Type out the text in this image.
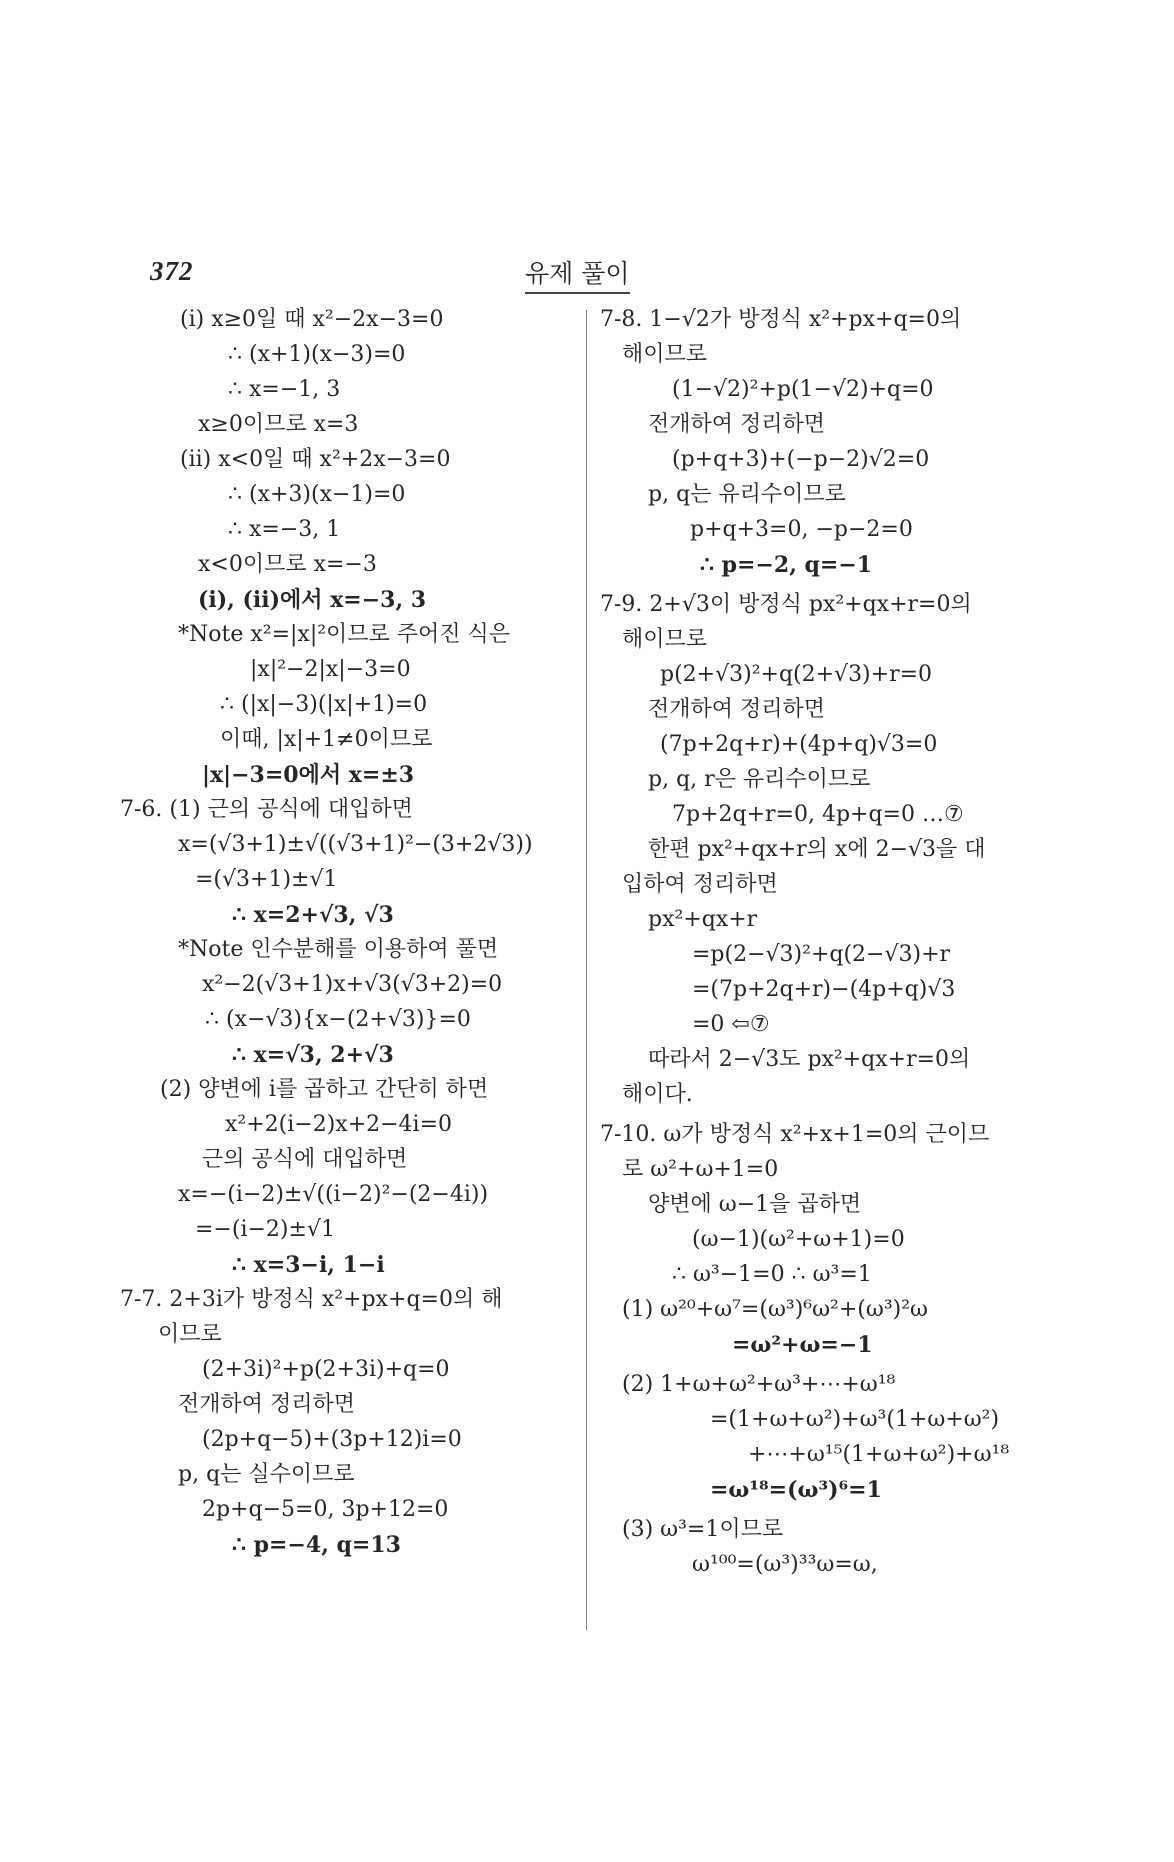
372	유제 풀이
(i) x≥0일 때 x²−2x−3=0
∴ (x+1)(x−3)=0
∴ x=−1, 3
x≥0이므로 x=3
(ii) x<0일 때 x²+2x−3=0
∴ (x+3)(x−1)=0
∴ x=−3, 1
x<0이므로 x=−3
(i), (ii)에서 x=−3, 3
*Note x²=|x|²이므로 주어진 식은
|x|²−2|x|−3=0
∴ (|x|−3)(|x|+1)=0
이때, |x|+1≠0이므로
|x|−3=0에서 x=±3
7-6. (1) 근의 공식에 대입하면
x=(√3+1)±√((√3+1)²−(3+2√3))
=(√3+1)±√1
∴ x=2+√3, √3
*Note 인수분해를 이용하여 풀면
x²−2(√3+1)x+√3(√3+2)=0
∴ (x−√3){x−(2+√3)}=0
∴ x=√3, 2+√3
(2) 양변에 i를 곱하고 간단히 하면
x²+2(i−2)x+2−4i=0
근의 공식에 대입하면
x=−(i−2)±√((i−2)²−(2−4i))
=−(i−2)±√1
∴ x=3−i, 1−i
7-7. 2+3i가 방정식 x²+px+q=0의 해
이므로
(2+3i)²+p(2+3i)+q=0
전개하여 정리하면
(2p+q−5)+(3p+12)i=0
p, q는 실수이므로
2p+q−5=0, 3p+12=0
∴ p=−4, q=13
7-8. 1−√2가 방정식 x²+px+q=0의
해이므로
(1−√2)²+p(1−√2)+q=0
전개하여 정리하면
(p+q+3)+(−p−2)√2=0
p, q는 유리수이므로
p+q+3=0, −p−2=0
∴ p=−2, q=−1
7-9. 2+√3이 방정식 px²+qx+r=0의
해이므로
p(2+√3)²+q(2+√3)+r=0
전개하여 정리하면
(7p+2q+r)+(4p+q)√3=0
p, q, r은 유리수이므로
7p+2q+r=0, 4p+q=0 …⑦
한편 px²+qx+r의 x에 2−√3을 대
입하여 정리하면
px²+qx+r
=p(2−√3)²+q(2−√3)+r
=(7p+2q+r)−(4p+q)√3
=0 ⇦⑦
따라서 2−√3도 px²+qx+r=0의
해이다.
7-10. ω가 방정식 x²+x+1=0의 근이므
로 ω²+ω+1=0
양변에 ω−1을 곱하면
(ω−1)(ω²+ω+1)=0
∴ ω³−1=0 ∴ ω³=1
(1) ω²⁰+ω⁷=(ω³)⁶ω²+(ω³)²ω
=ω²+ω=−1
(2) 1+ω+ω²+ω³+⋯+ω¹⁸
=(1+ω+ω²)+ω³(1+ω+ω²)
+⋯+ω¹⁵(1+ω+ω²)+ω¹⁸
=ω¹⁸=(ω³)⁶=1
(3) ω³=1이므로
ω¹⁰⁰=(ω³)³³ω=ω,
